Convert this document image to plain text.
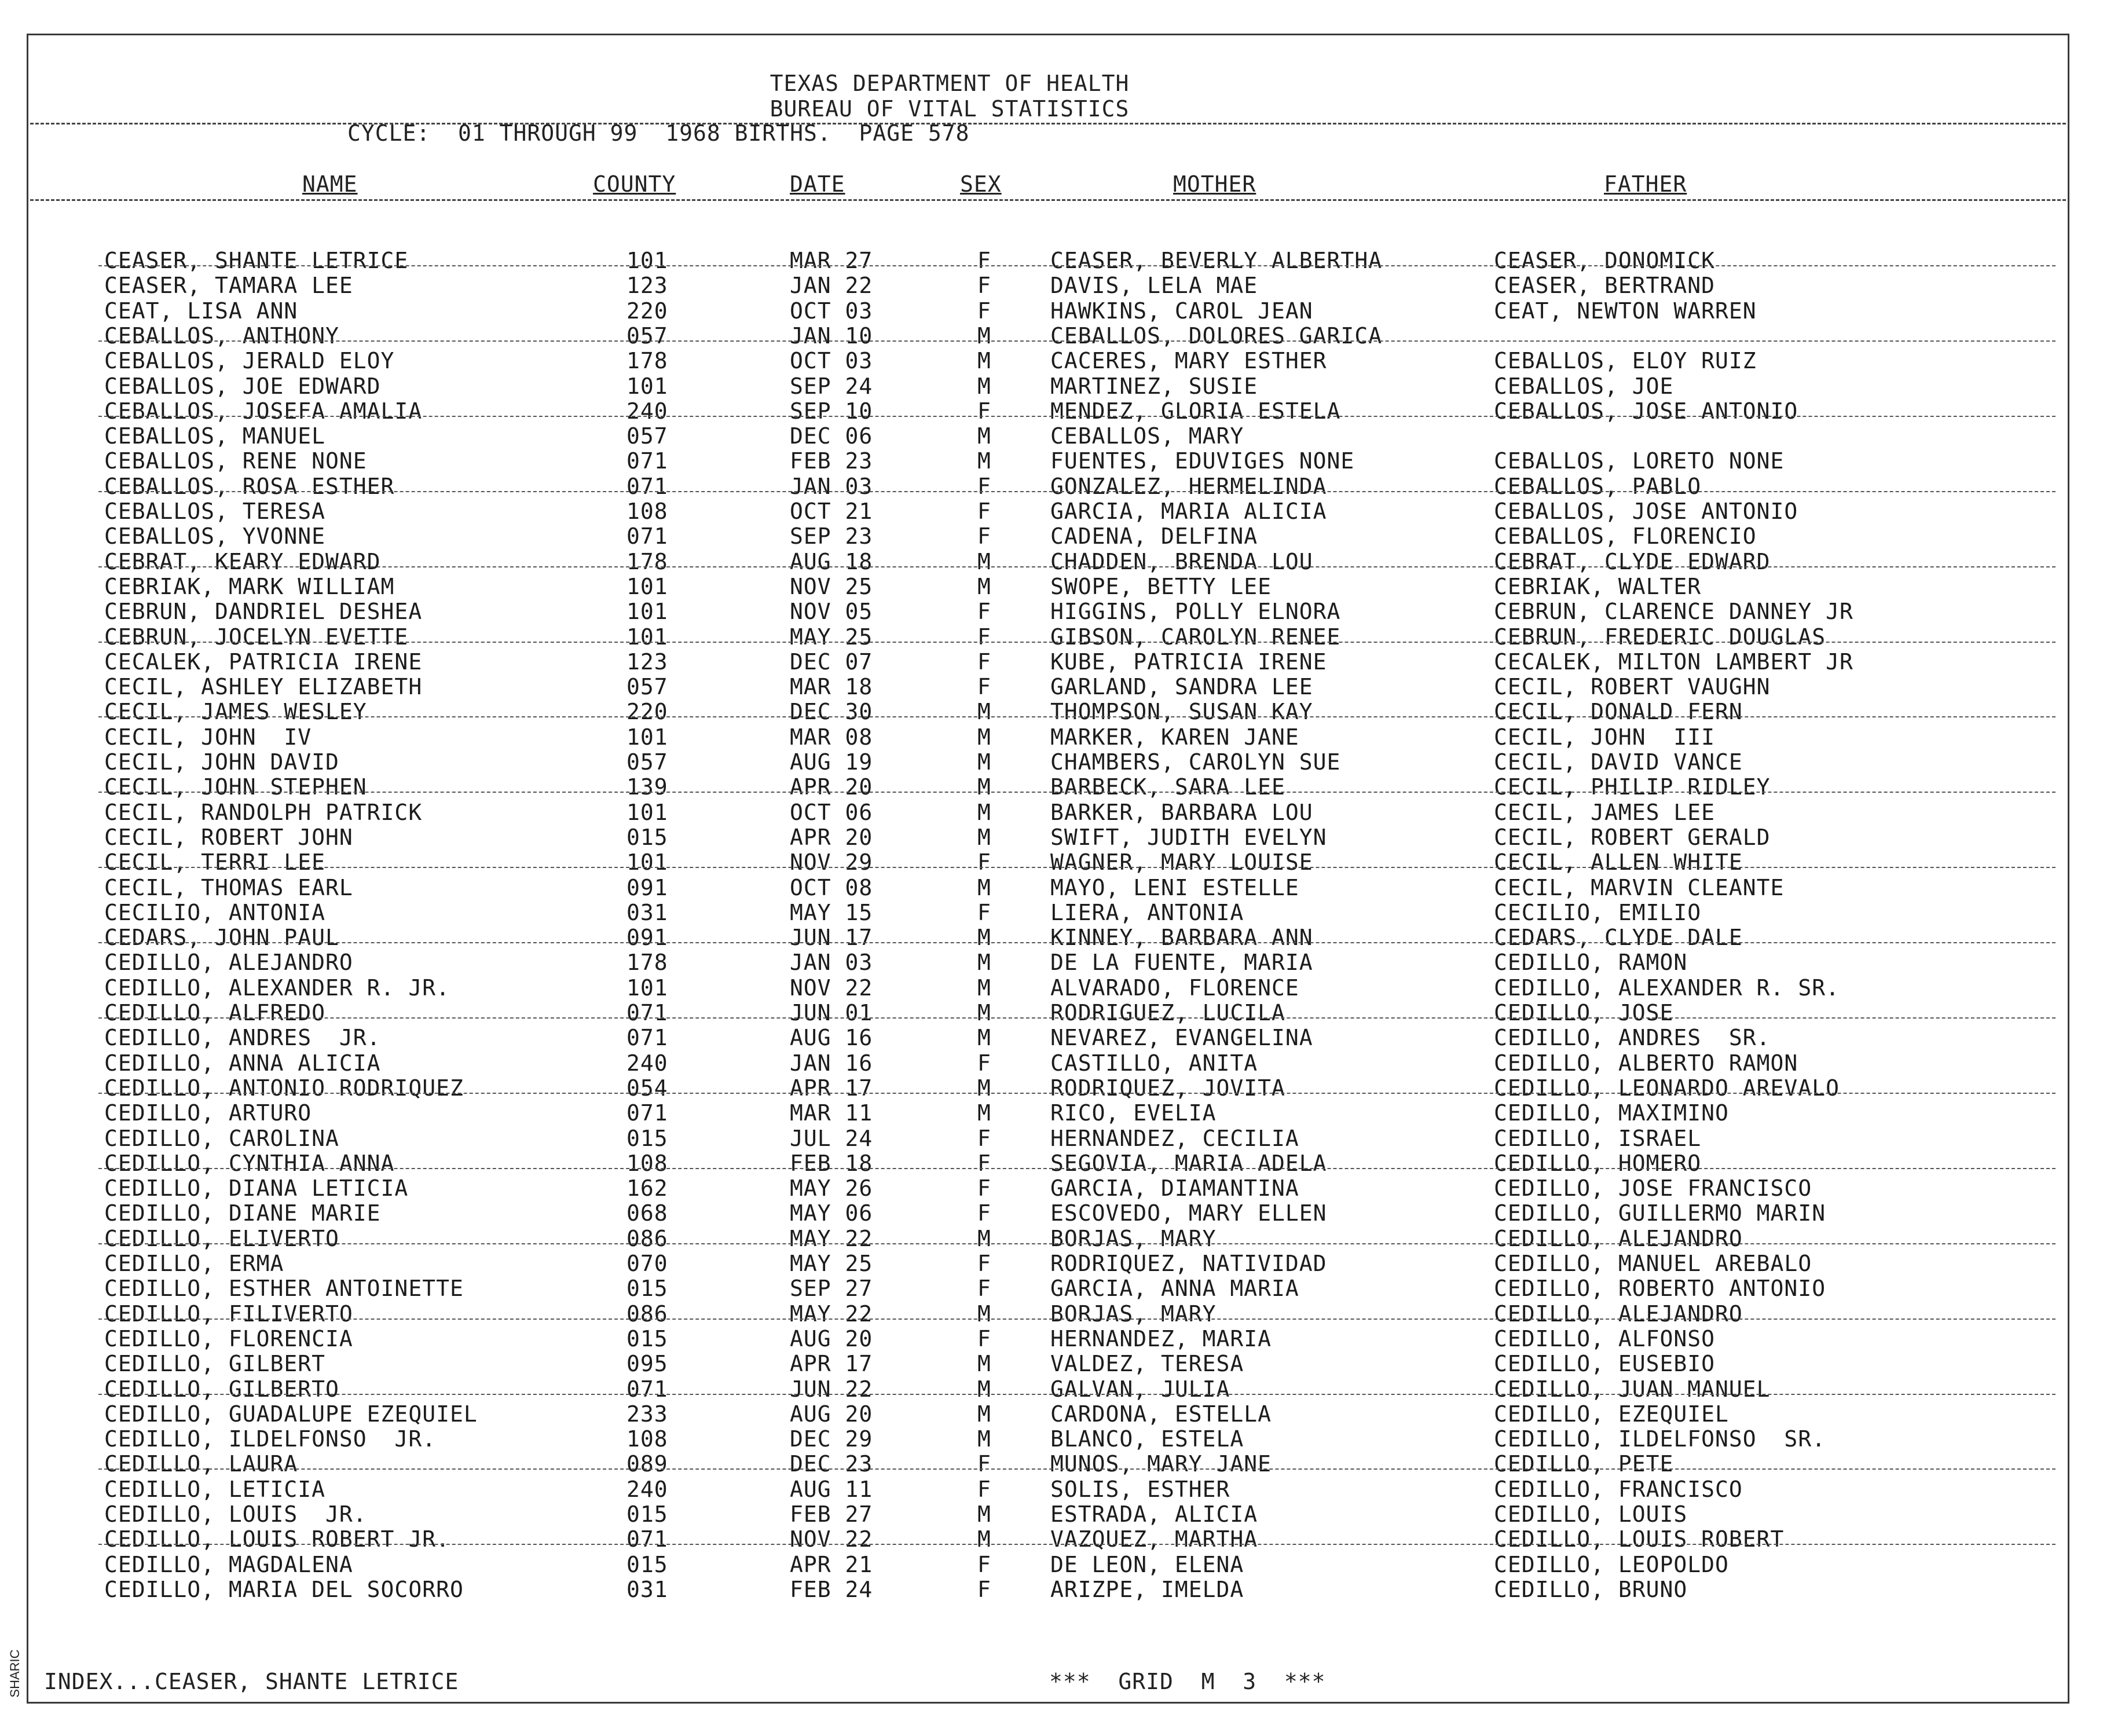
TEXAS DEPARTMENT OF HEALTH
BUREAU OF VITAL STATISTICS
CYCLE:  01 THROUGH 99  1968 BIRTHS.  PAGE 578
NAME	COUNTY	DATE	SEX	MOTHER	FATHER
CEASER, SHANTE LETRICE	101	MAR 27	F	CEASER, BEVERLY ALBERTHA	CEASER, DONOMICK
CEASER, TAMARA LEE	123	JAN 22	F	DAVIS, LELA MAE	CEASER, BERTRAND
CEAT, LISA ANN	220	OCT 03	F	HAWKINS, CAROL JEAN	CEAT, NEWTON WARREN
CEBALLOS, ANTHONY	057	JAN 10	M	CEBALLOS, DOLORES GARICA
CEBALLOS, JERALD ELOY	178	OCT 03	M	CACERES, MARY ESTHER	CEBALLOS, ELOY RUIZ
CEBALLOS, JOE EDWARD	101	SEP 24	M	MARTINEZ, SUSIE	CEBALLOS, JOE
CEBALLOS, JOSEFA AMALIA	240	SEP 10	F	MENDEZ, GLORIA ESTELA	CEBALLOS, JOSE ANTONIO
CEBALLOS, MANUEL	057	DEC 06	M	CEBALLOS, MARY
CEBALLOS, RENE NONE	071	FEB 23	M	FUENTES, EDUVIGES NONE	CEBALLOS, LORETO NONE
CEBALLOS, ROSA ESTHER	071	JAN 03	F	GONZALEZ, HERMELINDA	CEBALLOS, PABLO
CEBALLOS, TERESA	108	OCT 21	F	GARCIA, MARIA ALICIA	CEBALLOS, JOSE ANTONIO
CEBALLOS, YVONNE	071	SEP 23	F	CADENA, DELFINA	CEBALLOS, FLORENCIO
CEBRAT, KEARY EDWARD	178	AUG 18	M	CHADDEN, BRENDA LOU	CEBRAT, CLYDE EDWARD
CEBRIAK, MARK WILLIAM	101	NOV 25	M	SWOPE, BETTY LEE	CEBRIAK, WALTER
CEBRUN, DANDRIEL DESHEA	101	NOV 05	F	HIGGINS, POLLY ELNORA	CEBRUN, CLARENCE DANNEY JR
CEBRUN, JOCELYN EVETTE	101	MAY 25	F	GIBSON, CAROLYN RENEE	CEBRUN, FREDERIC DOUGLAS
CECALEK, PATRICIA IRENE	123	DEC 07	F	KUBE, PATRICIA IRENE	CECALEK, MILTON LAMBERT JR
CECIL, ASHLEY ELIZABETH	057	MAR 18	F	GARLAND, SANDRA LEE	CECIL, ROBERT VAUGHN
CECIL, JAMES WESLEY	220	DEC 30	M	THOMPSON, SUSAN KAY	CECIL, DONALD FERN
CECIL, JOHN  IV	101	MAR 08	M	MARKER, KAREN JANE	CECIL, JOHN  III
CECIL, JOHN DAVID	057	AUG 19	M	CHAMBERS, CAROLYN SUE	CECIL, DAVID VANCE
CECIL, JOHN STEPHEN	139	APR 20	M	BARBECK, SARA LEE	CECIL, PHILIP RIDLEY
CECIL, RANDOLPH PATRICK	101	OCT 06	M	BARKER, BARBARA LOU	CECIL, JAMES LEE
CECIL, ROBERT JOHN	015	APR 20	M	SWIFT, JUDITH EVELYN	CECIL, ROBERT GERALD
CECIL, TERRI LEE	101	NOV 29	F	WAGNER, MARY LOUISE	CECIL, ALLEN WHITE
CECIL, THOMAS EARL	091	OCT 08	M	MAYO, LENI ESTELLE	CECIL, MARVIN CLEANTE
CECILIO, ANTONIA	031	MAY 15	F	LIERA, ANTONIA	CECILIO, EMILIO
CEDARS, JOHN PAUL	091	JUN 17	M	KINNEY, BARBARA ANN	CEDARS, CLYDE DALE
CEDILLO, ALEJANDRO	178	JAN 03	M	DE LA FUENTE, MARIA	CEDILLO, RAMON
CEDILLO, ALEXANDER R. JR.	101	NOV 22	M	ALVARADO, FLORENCE	CEDILLO, ALEXANDER R. SR.
CEDILLO, ALFREDO	071	JUN 01	M	RODRIGUEZ, LUCILA	CEDILLO, JOSE
CEDILLO, ANDRES  JR.	071	AUG 16	M	NEVAREZ, EVANGELINA	CEDILLO, ANDRES  SR.
CEDILLO, ANNA ALICIA	240	JAN 16	F	CASTILLO, ANITA	CEDILLO, ALBERTO RAMON
CEDILLO, ANTONIO RODRIQUEZ	054	APR 17	M	RODRIQUEZ, JOVITA	CEDILLO, LEONARDO AREVALO
CEDILLO, ARTURO	071	MAR 11	M	RICO, EVELIA	CEDILLO, MAXIMINO
CEDILLO, CAROLINA	015	JUL 24	F	HERNANDEZ, CECILIA	CEDILLO, ISRAEL
CEDILLO, CYNTHIA ANNA	108	FEB 18	F	SEGOVIA, MARIA ADELA	CEDILLO, HOMERO
CEDILLO, DIANA LETICIA	162	MAY 26	F	GARCIA, DIAMANTINA	CEDILLO, JOSE FRANCISCO
CEDILLO, DIANE MARIE	068	MAY 06	F	ESCOVEDO, MARY ELLEN	CEDILLO, GUILLERMO MARIN
CEDILLO, ELIVERTO	086	MAY 22	M	BORJAS, MARY	CEDILLO, ALEJANDRO
CEDILLO, ERMA	070	MAY 25	F	RODRIQUEZ, NATIVIDAD	CEDILLO, MANUEL AREBALO
CEDILLO, ESTHER ANTOINETTE	015	SEP 27	F	GARCIA, ANNA MARIA	CEDILLO, ROBERTO ANTONIO
CEDILLO, FILIVERTO	086	MAY 22	M	BORJAS, MARY	CEDILLO, ALEJANDRO
CEDILLO, FLORENCIA	015	AUG 20	F	HERNANDEZ, MARIA	CEDILLO, ALFONSO
CEDILLO, GILBERT	095	APR 17	M	VALDEZ, TERESA	CEDILLO, EUSEBIO
CEDILLO, GILBERTO	071	JUN 22	M	GALVAN, JULIA	CEDILLO, JUAN MANUEL
CEDILLO, GUADALUPE EZEQUIEL	233	AUG 20	M	CARDONA, ESTELLA	CEDILLO, EZEQUIEL
CEDILLO, ILDELFONSO  JR.	108	DEC 29	M	BLANCO, ESTELA	CEDILLO, ILDELFONSO  SR.
CEDILLO, LAURA	089	DEC 23	F	MUNOS, MARY JANE	CEDILLO, PETE
CEDILLO, LETICIA	240	AUG 11	F	SOLIS, ESTHER	CEDILLO, FRANCISCO
CEDILLO, LOUIS  JR.	015	FEB 27	M	ESTRADA, ALICIA	CEDILLO, LOUIS
CEDILLO, LOUIS ROBERT JR.	071	NOV 22	M	VAZQUEZ, MARTHA	CEDILLO, LOUIS ROBERT
CEDILLO, MAGDALENA	015	APR 21	F	DE LEON, ELENA	CEDILLO, LEOPOLDO
CEDILLO, MARIA DEL SOCORRO	031	FEB 24	F	ARIZPE, IMELDA	CEDILLO, BRUNO
INDEX...CEASER, SHANTE LETRICE	***  GRID  M  3  ***
SHARIC
